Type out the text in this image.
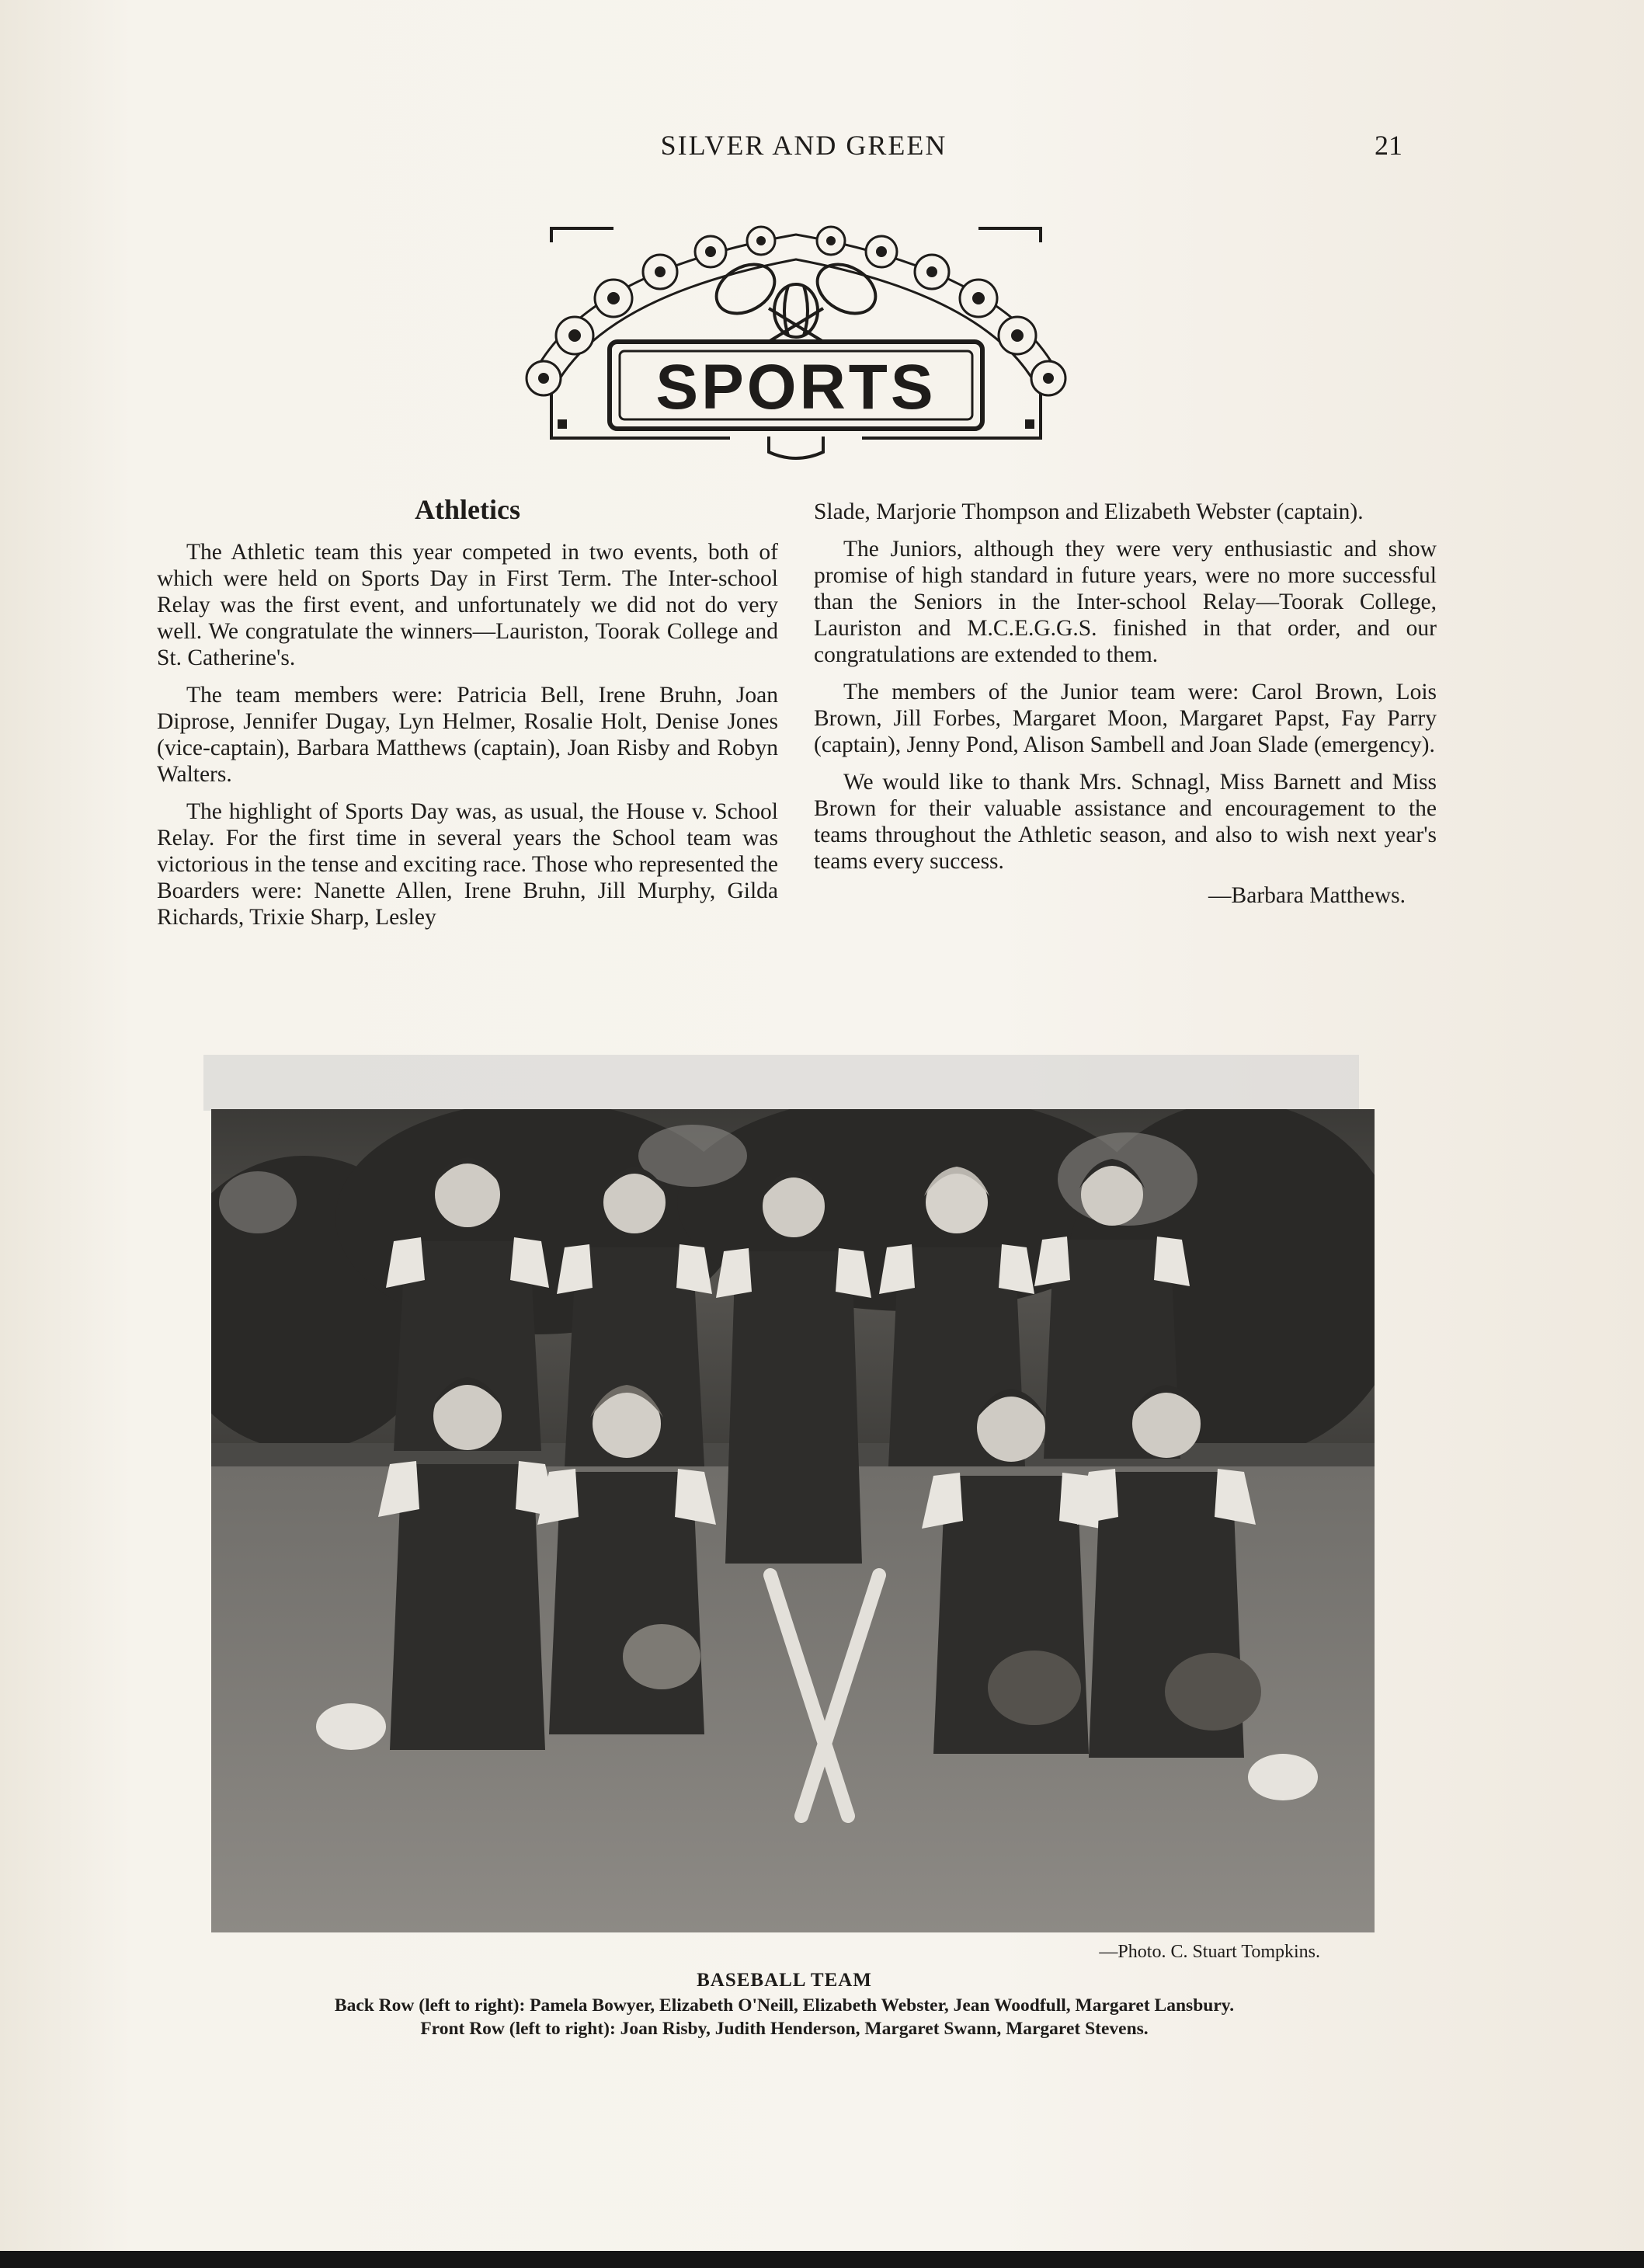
SILVER AND GREEN	21
SPORTS
Athletics

The Athletic team this year competed in two events, both of which were held on Sports Day in First Term. The Inter-school Relay was the first event, and unfortunately we did not do very well. We congratulate the winners—Lauriston, Toorak College and St. Catherine's.

The team members were: Patricia Bell, Irene Bruhn, Joan Diprose, Jennifer Dugay, Lyn Helmer, Rosalie Holt, Denise Jones (vice-captain), Barbara Matthews (captain), Joan Risby and Robyn Walters.

The highlight of Sports Day was, as usual, the House v. School Relay. For the first time in several years the School team was victorious in the tense and exciting race. Those who represented the Boarders were: Nanette Allen, Irene Bruhn, Jill Murphy, Gilda Richards, Trixie Sharp, Lesley

Slade, Marjorie Thompson and Elizabeth Webster (captain).

The Juniors, although they were very enthusiastic and show promise of high standard in future years, were no more successful than the Seniors in the Inter-school Relay—Toorak College, Lauriston and M.C.E.G.G.S. finished in that order, and our congratulations are extended to them.

The members of the Junior team were: Carol Brown, Lois Brown, Jill Forbes, Margaret Moon, Margaret Papst, Fay Parry (captain), Jenny Pond, Alison Sambell and Joan Slade (emergency).

We would like to thank Mrs. Schnagl, Miss Barnett and Miss Brown for their valuable assistance and encouragement to the teams throughout the Athletic season, and also to wish next year's teams every success.

—Barbara Matthews.
—Photo. C. Stuart Tompkins.
BASEBALL TEAM
Back Row (left to right): Pamela Bowyer, Elizabeth O'Neill, Elizabeth Webster, Jean Woodfull, Margaret Lansbury.
Front Row (left to right): Joan Risby, Judith Henderson, Margaret Swann, Margaret Stevens.
